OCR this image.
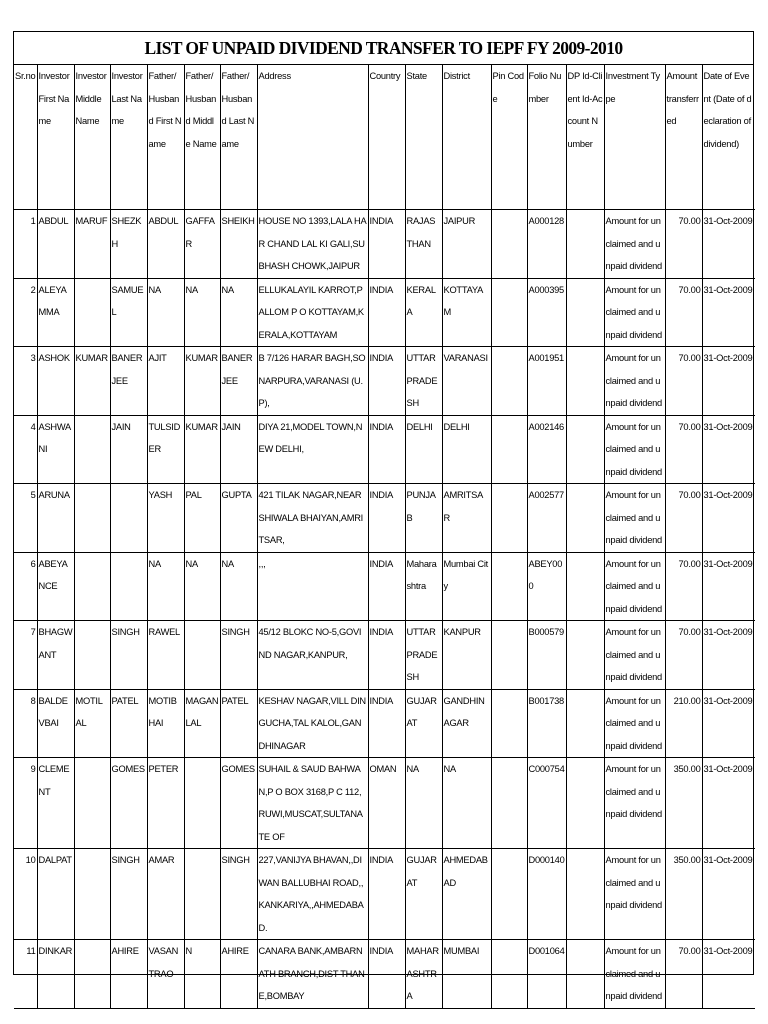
LIST OF UNPAID DIVIDEND TRANSFER TO IEPF FY 2009-2010
Sr.no	Investor First Name	Investor Middle Name	Investor Last Name	Father/Husband First Name	Father/Husband Middle Name	Father/Husband Last Name	Address	Country	State	District	Pin Code	Folio Number	DP Id-Client Id-Account Number	Investment Type	Amount transferred	Date of Event (Date of declaration of dividend)
1	ABDUL	MARUF	SHEZKH	ABDUL	GAFFAR	SHEIKH	HOUSE NO 1393,LALA HAR CHAND LAL KI GALI,SUBHASH CHOWK,JAIPUR	INDIA	RAJASTHAN	JAIPUR		A000128		Amount for unclaimed and unpaid dividend	70.00	31-Oct-2009
2	ALEYAMMA		SAMUEL	NA	NA	NA	ELLUKALAYIL KARROT,PALLOM P O KOTTAYAM,KERALA,KOTTAYAM	INDIA	KERALA	KOTTAYAM		A000395		Amount for unclaimed and unpaid dividend	70.00	31-Oct-2009
3	ASHOK	KUMAR	BANERJEE	AJIT	KUMAR	BANERJEE	B 7/126 HARAR BAGH,SONARPURA,VARANASI (U.P),	INDIA	UTTAR PRADESH	VARANASI		A001951		Amount for unclaimed and unpaid dividend	70.00	31-Oct-2009
4	ASHWANI		JAIN	TULSIDER	KUMAR	JAIN	DIYA 21,MODEL TOWN,NEW DELHI,	INDIA	DELHI	DELHI		A002146		Amount for unclaimed and unpaid dividend	70.00	31-Oct-2009
5	ARUNA			YASH	PAL	GUPTA	421 TILAK NAGAR,NEAR SHIWALA BHAIYAN,AMRITSAR,	INDIA	PUNJAB	AMRITSAR		A002577		Amount for unclaimed and unpaid dividend	70.00	31-Oct-2009
6	ABEYANCE			NA	NA	NA	,,,	INDIA	Maharashtra	Mumbai City		ABEY000		Amount for unclaimed and unpaid dividend	70.00	31-Oct-2009
7	BHAGWANT		SINGH	RAWEL		SINGH	45/12 BLOKC NO-5,GOVIND NAGAR,KANPUR,	INDIA	UTTAR PRADESH	KANPUR		B000579		Amount for unclaimed and unpaid dividend	70.00	31-Oct-2009
8	BALDEVBAI	MOTILAL	PATEL	MOTIBHAI	MAGANLAL	PATEL	KESHAV NAGAR,VILL DINGUCHA,TAL KALOL,GANDHINAGAR	INDIA	GUJARAT	GANDHINAGAR		B001738		Amount for unclaimed and unpaid dividend	210.00	31-Oct-2009
9	CLEMENT		GOMES	PETER		GOMES	SUHAIL & SAUD BAHWAN,P O BOX 3168,P C 112, RUWI,MUSCAT,SULTANATE OF	OMAN	NA	NA		C000754		Amount for unclaimed and unpaid dividend	350.00	31-Oct-2009
10	DALPAT		SINGH	AMAR		SINGH	227,VANIJYA BHAVAN,,DIWAN BALLUBHAI ROAD,,KANKARIYA,,AHMEDABAD.	INDIA	GUJARAT	AHMEDABAD		D000140		Amount for unclaimed and unpaid dividend	350.00	31-Oct-2009
11	DINKAR		AHIRE	VASANTRAO	N	AHIRE	CANARA BANK,AMBARNATH BRANCH,DIST THANE,BOMBAY	INDIA	MAHARASHTRA	MUMBAI		D001064		Amount for unclaimed and unpaid dividend	70.00	31-Oct-2009
